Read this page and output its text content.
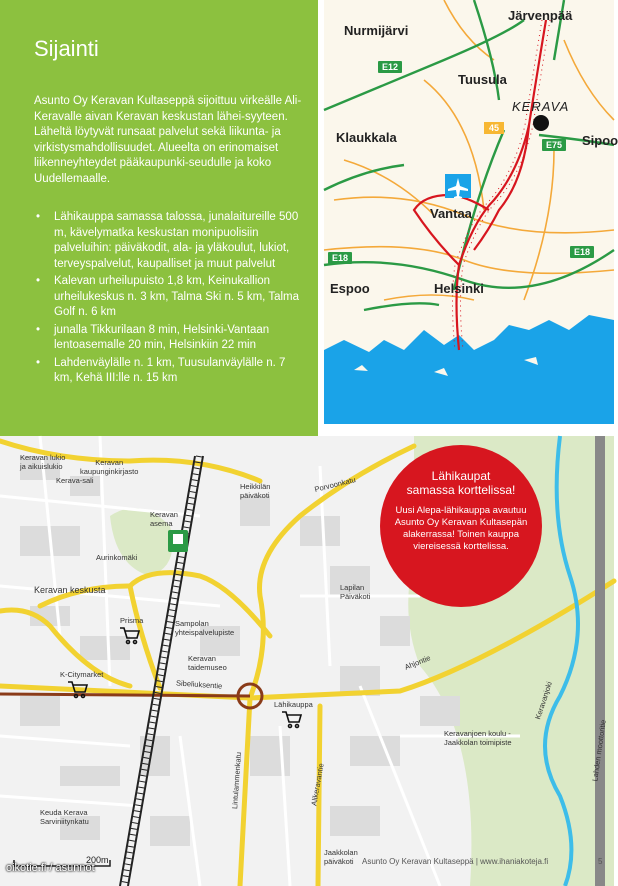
Sijainti

Asunto Oy Keravan Kultaseppä sijoittuu virkeälle Ali-Keravalle aivan Keravan keskustan lähei-syyteen. Läheltä löytyvät runsaat palvelut sekä liikunta- ja virkistysmahdollisuudet. Alueelta on erinomaiset liikenneyhteydet pääkaupunki-seudulle ja koko Uudellemaalle.

• Lähikauppa samassa talossa, junalaitureille 500 m, kävelymatka keskustan monipuolisiin palveluihin: päiväkodit, ala- ja yläkoulut, lukiot, terveyspalvelut, kaupalliset ja muut palvelut
• Kalevan urheilupuisto 1,8 km, Keinukallion urheilukeskus n. 3 km, Talma Ski n. 5 km, Talma Golf n. 6 km
• junalla Tikkurilaan 8 min, Helsinki-Vantaan lentoasemalle 20 min, Helsinkiin 22 min
• Lahdenväylälle n. 1 km, Tuusulanväylälle n. 7 km, Kehä III:lle n. 15 km
Nurmijärvi
Järvenpää
Tuusula
KERAVA
Klaukkala	Sipoo
Vantaa
Espoo	Helsinki
E12
45
E75
E18
E18
Keravan lukio
ja aikuislukio	Keravan
kaupunginkirjasto
Kerava-sali
Keravan
asema
Aurinkomäki
Keravan keskusta
Prisma	Sampolan
yhteispalvelupiste
Keravan
taidemuseo
K-Citymarket
Heikkilän
päiväkoti
Lapilan
Päiväkoti
Lähikauppa
Keravanjoen koulu -
Jaakkolan toimipiste
Keuda Kerava
Sarviniitynkatu
Jaakkolan
päiväkoti
Porvoonkatu
Sibeliuksentie
Ahjontie
Lintulammenkatu	Alikeravantie
Keravanjoki
Lahden moottoritie
200m
Lähikaupat
samassa korttelissa!
Uusi Alepa-lähikauppa avautuu Asunto Oy Keravan Kultasepän alakerrassa! Toinen kauppa viereisessä korttelissa.
Asunto Oy Keravan Kultaseppä | www.ihaniakoteja.fi	5
oikotie.fi / asunnot
